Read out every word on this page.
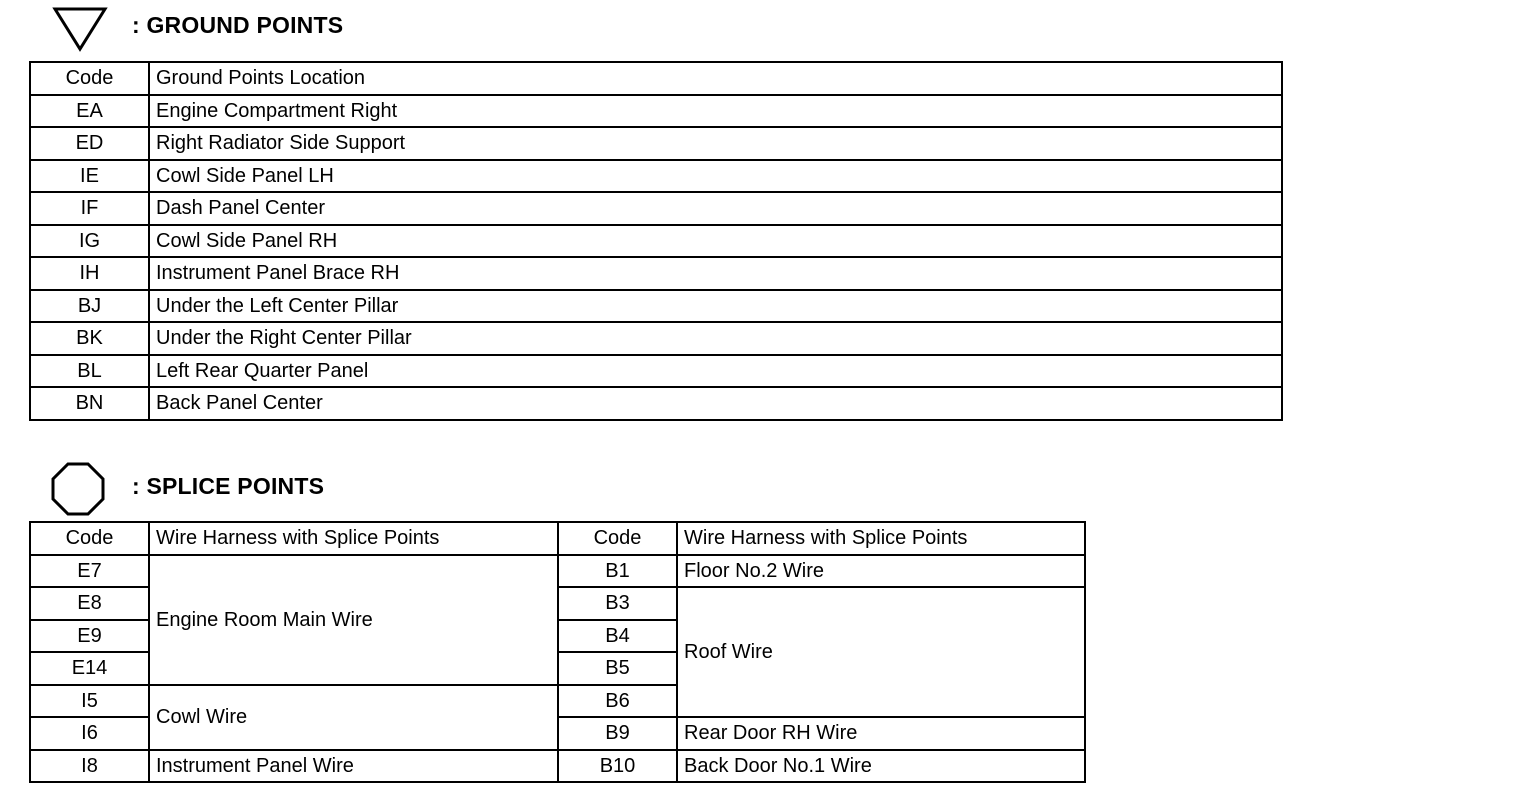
: GROUND POINTS
Code	Ground Points Location
EA	Engine Compartment Right
ED	Right Radiator Side Support
IE	Cowl Side Panel LH
IF	Dash Panel Center
IG	Cowl Side Panel RH
IH	Instrument Panel Brace RH
BJ	Under the Left Center Pillar
BK	Under the Right Center Pillar
BL	Left Rear Quarter Panel
BN	Back Panel Center
: SPLICE POINTS
Code	Wire Harness with Splice Points	Code	Wire Harness with Splice Points
E7	Engine Room Main Wire	B1	Floor No.2 Wire
E8		B3	Roof Wire
E9		B4	
E14		B5	
I5	Cowl Wire	B6	
I6		B9	Rear Door RH Wire
I8	Instrument Panel Wire	B10	Back Door No.1 Wire
